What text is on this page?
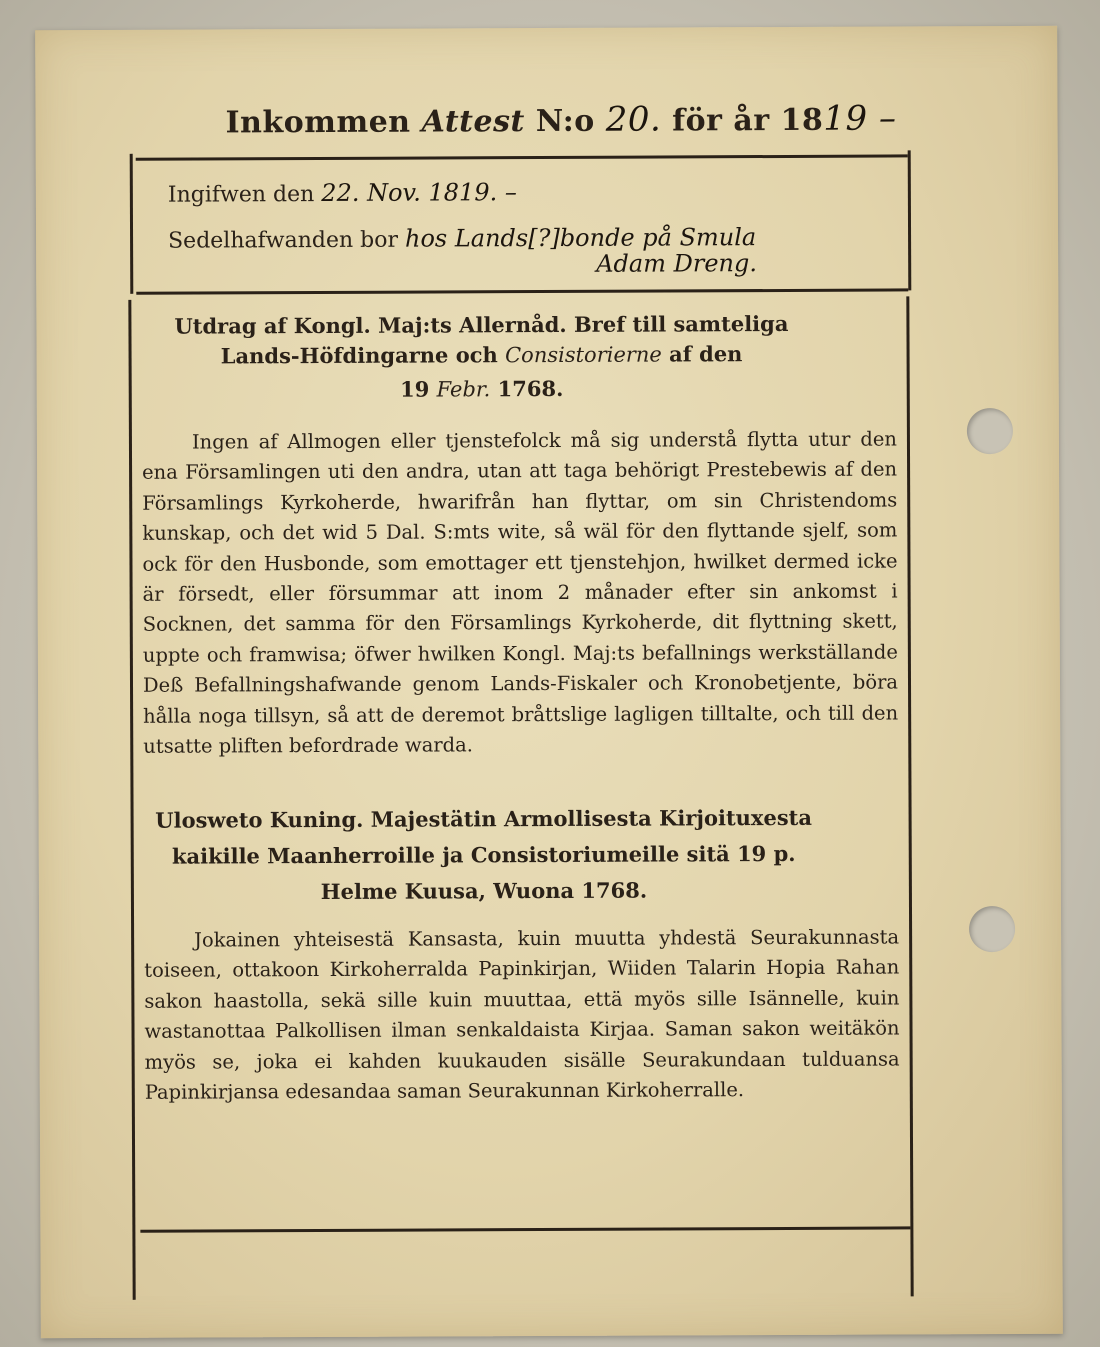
Inkommen Attest N:o 20. för år 1819 –
Ingifwen den 22. Nov. 1819. –
Sedelhafwanden bor hos Lands[?]bonde på Smula
Adam Dreng.
Utdrag af Kongl. Maj:ts Allernåd. Bref till samteliga
Lands-Höfdingarne och Consistorierne af den
19 Febr. 1768.

Ingen af Allmogen eller tjenstefolck må sig understå flytta utur den ena Församlingen uti den andra, utan att taga behörigt Prestebewis af den Församlings Kyrkoherde, hwarifrån han flyttar, om sin Christendoms kunskap, och det wid 5 Dal. S:mts wite, så wäl för den flyttande sjelf, som ock för den Husbonde, som emottager ett tjenstehjon, hwilket dermed icke är försedt, eller försummar att inom 2 månader efter sin ankomst i Socknen, det samma för den Församlings Kyrkoherde, dit flyttning skett, uppte och framwisa; öfwer hwilken Kongl. Maj:ts befallnings werkställande Deß Befallningshafwande genom Lands-Fiskaler och Kronobetjente, böra hålla noga tillsyn, så att de deremot bråttslige lagligen tilltalte, och till den utsatte pliften befordrade warda.

Ulosweto Kuning. Majestätin Armollisesta Kirjoituxesta
kaikille Maanherroille ja Consistoriumeille sitä 19 p.
Helme Kuusa, Wuona 1768.

Jokainen yhteisestä Kansasta, kuin muutta yhdestä Seurakunnasta toiseen, ottakoon Kirkoherralda Papinkirjan, Wiiden Talarin Hopia Rahan sakon haastolla, sekä sille kuin muuttaa, että myös sille Isännelle, kuin wastanottaa Palkollisen ilman senkaldaista Kirjaa. Saman sakon weitäkön myös se, joka ei kahden kuukauden sisälle Seurakundaan tulduansa Papinkirjansa edesandaa saman Seurakunnan Kirkoherralle.
